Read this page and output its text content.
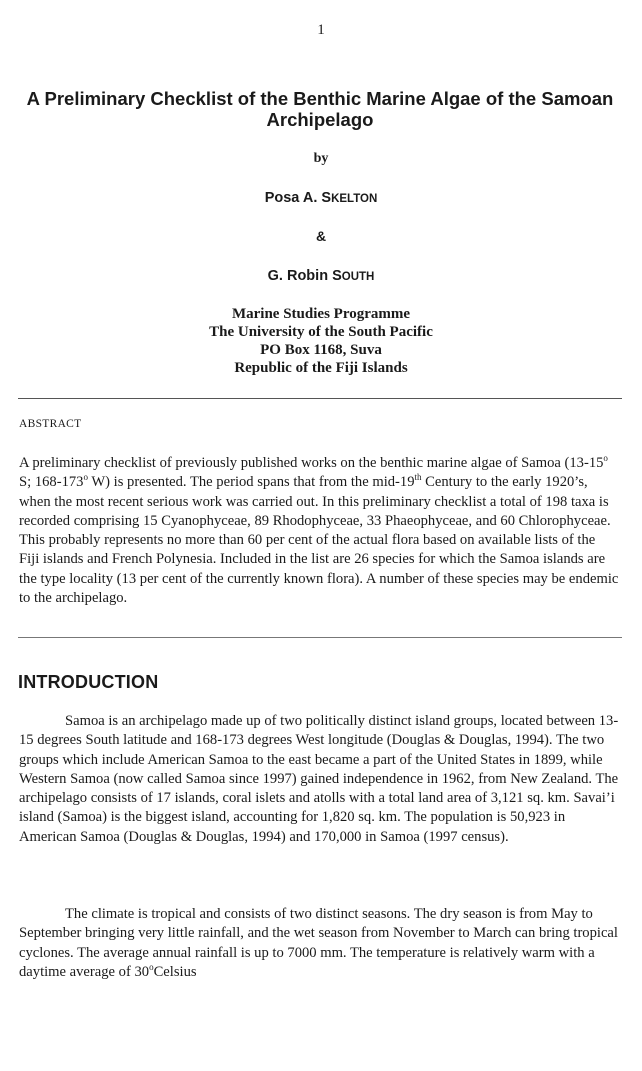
1
A Preliminary Checklist of the Benthic Marine Algae of the Samoan Archipelago
by
Posa A. SKELTON
&
G. Robin SOUTH
Marine Studies Programme
The University of the South Pacific
PO Box 1168, Suva
Republic of the Fiji Islands
ABSTRACT
A preliminary checklist of previously published works on the benthic marine algae of Samoa (13-15$^o$ S; 168-173$^o$ W) is presented. The period spans that from the mid-19th Century to the early 1920’s, when the most recent serious work was carried out. In this preliminary checklist a total of 198 taxa is recorded comprising 15 Cyanophyceae, 89 Rhodophyceae, 33 Phaeophyceae, and 60 Chlorophyceae. This probably represents no more than 60 per cent of the actual flora based on available lists of the Fiji islands and French Polynesia. Included in the list are 26 species for which the Samoa islands are the type locality (13 per cent of the currently known flora). A number of these species may be endemic to the archipelago.
INTRODUCTION
Samoa is an archipelago made up of two politically distinct island groups, located between 13-15 degrees South latitude and 168-173 degrees West longitude (Douglas & Douglas, 1994). The two groups which include American Samoa to the east became a part of the United States in 1899, while Western Samoa (now called Samoa since 1997) gained independence in 1962, from New Zealand. The archipelago consists of 17 islands, coral islets and atolls with a total land area of 3,121 sq. km. Savai’i island (Samoa) is the biggest island, accounting for 1,820 sq. km. The population is 50,923 in American Samoa (Douglas & Douglas, 1994) and 170,000 in Samoa (1997 census).
The climate is tropical and consists of two distinct seasons. The dry season is from May to September bringing very little rainfall, and the wet season from November to March can bring tropical cyclones. The average annual rainfall is up to 7000 mm. The temperature is relatively warm with a daytime average of 30$^o$Celsius
